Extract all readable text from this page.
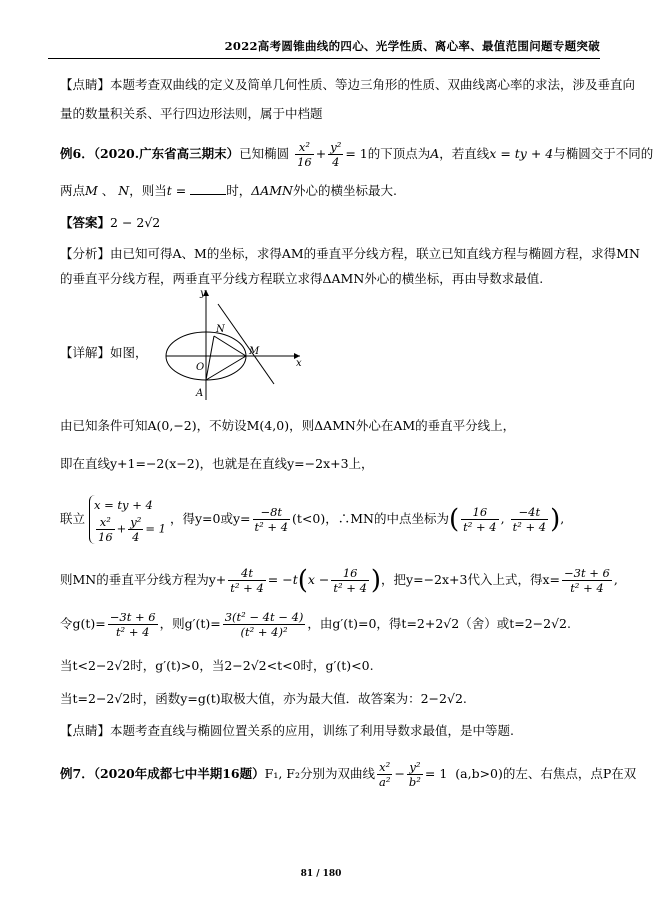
2022高考圆锥曲线的四心、光学性质、离心率、最值范围问题专题突破
【点睛】本题考查双曲线的定义及简单几何性质、等边三角形的性质、双曲线离心率的求法，涉及垂直向
量的数量积关系、平行四边形法则，属于中档题
例6．（2020.广东省高三期末）已知椭圆 $\frac{\text{x²}}{16} + \frac{\text{y²}}{4} = 1$的下顶点为A，若直线x = ty + 4与椭圆交于不同的
两点M 、 N，则当t =	时，ΔAMN外心的横坐标最大.
【答案】2 − 2√2
【分析】由已知可得A、M的坐标，求得AM的垂直平分线方程，联立已知直线方程与椭圆方程，求得MN
的垂直平分线方程，两垂直平分线方程联立求得ΔAMN外心的横坐标，再由导数求最值.
【详解】如图，
y
x
N
M
O
A
由已知条件可知A(0,−2)，不妨设M(4,0)，则ΔAMN外心在AM的垂直平分线上，
即在直线y+1=−2(x−2)，也就是在直线y=−2x+3上，
联立
x = ty + 4
$\frac{\text{x²}}{16} + \frac{\text{y²}}{4} = 1$
，得y=0或$y= \frac{-8t}{\text{t² + 4}} (t<0)$，∴MN的中点坐标为( $\frac{16}{\text{t² + 4}}$ , $\frac{-4t}{\text{t² + 4}}$ ),
则MN的垂直平分线方程为$y+ \frac{4t}{\text{t² + 4}} = -t(x - \frac{16}{\text{t² + 4}}$ )，把y=−2x+3代入上式，得$x= \frac{-3t + 6}{\text{t² + 4}}$ ,
令$g(t)= \frac{-3t + 6}{\text{t² + 4}}$ ，则$g'(t)= \frac{\text{3(t² − 4t − 4)}}{\text{(t² + 4)²}}$ ，由g′(t)=0，得t=2+2√2（舍）或t=2−2√2.
当t<2−2√2时，g′(t)>0，当2−2√2<t<0时，g′(t)<0.
当t=2−2√2时，函数y=g(t)取极大值，亦为最大值．故答案为：2−2√2.
【点睛】本题考查直线与椭圆位置关系的应用，训练了利用导数求最值，是中等题.
例7．（2020年成都七中半期16题）F₁, F₂分别为双曲线 $\frac{\text{x²}}{\text{a²}} - \frac{\text{y²}}{\text{b²}} = 1$ (a,b>0)的左、右焦点，点P在双
81 / 180
